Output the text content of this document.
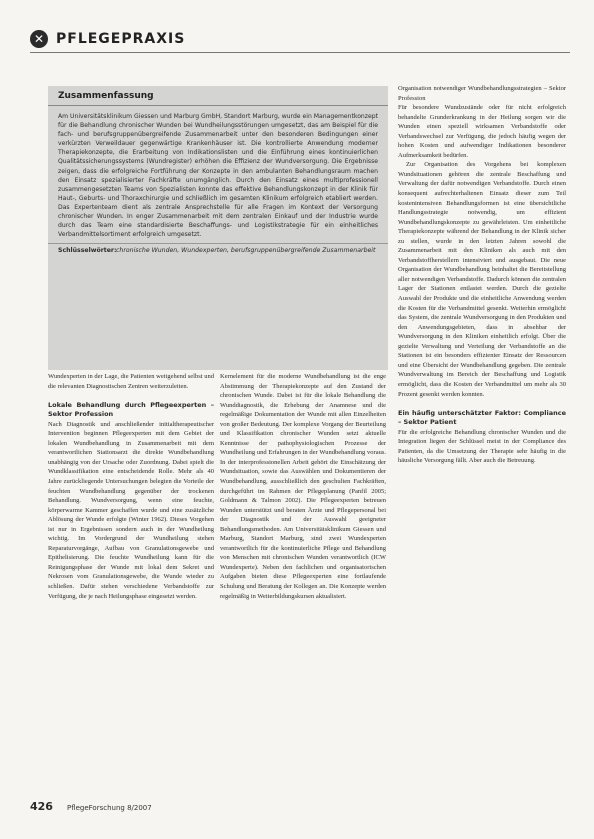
✕ PFLEGEPRAXIS
Zusammenfassung
Am Universitätsklinikum Giessen und Marburg GmbH, Standort Marburg, wurde ein Managementkonzept für die Behandlung chronischer Wunden bei Wundheilungsstörungen umgesetzt, das am Beispiel für die fach- und berufsgruppenübergreifende Zusammenarbeit unter den besonderen Bedingungen einer verkürzten Verweildauer gegenwärtige Krankenhäuser ist. Die kontrollierte Anwendung moderner Therapiekonzepte, die Erarbeitung von Indikationslisten und die Einführung eines kontinuierlichen Qualitätssicherungssystems (Wundregister) erhöhen die Effizienz der Wundversorgung. Die Ergebnisse zeigen, dass die erfolgreiche Fortführung der Konzepte in den ambulanten Behandlungsraum machen den Einsatz spezialisierter Fachkräfte unumgänglich. Durch den Einsatz eines multiprofessionell zusammengesetzten Teams von Spezialisten konnte das effektive Behandlungskonzept in der Klinik für Haut-, Geburts- und Thoraxchirurgie und schließlich im gesamten Klinikum erfolgreich etabliert werden. Das Expertenteam dient als zentrale Ansprechstelle für alle Fragen im Kontext der Versorgung chronischer Wunden. In enger Zusammenarbeit mit dem zentralen Einkauf und der Industrie wurde durch das Team eine standardisierte Beschaffungs- und Logistikstrategie für ein einheitliches Verbandmittelsortiment erfolgreich umgesetzt.
Schlüsselwörter: chronische Wunden, Wundexperten, berufsgruppenübergreifende Zusammenarbeit

Wundexperten in der Lage, die Patienten weitgehend selbst und die relevanten Diagnostischen Zentren weiterzuleiten.

Lokale Behandlung durch Pflegeexperten – Sektor Profession

Nach Diagnostik und anschließender initialtherapeutischer Intervention beginnen Pflegeexperten mit dem Gebiet der lokalen Wundbehandlung in Zusammenarbeit mit dem verantwortlichen Stationsarzt die direkte Wundbehandlung unabhängig von der Ursache oder Zuordnung. Dabei spielt die Wundklassifikation eine entscheidende Rolle. Mehr als 40 Jahre zurückliegende Untersuchungen belegten die Vorteile der feuchten Wundbehandlung gegenüber der trockenen Behandlung. Wundversorgung, wenn eine feuchte, körperwarme Kammer geschaffen wurde und eine zusätzliche Ablösung der Wunde erfolgte (Winter 1962). Dieses Vorgehen ist nur in Ergebnissen sondern auch in der Wundheilung wichtig. Im Vordergrund der Wundheilung stehen Reparaturvorgänge, Aufbau von Granulationsgewebe und Epithelisierung. Die feuchte Wundheilung kann für die Reinigungsphase der Wunde mit lokal dem Sekret und Nekrosen vom Granulationsgewebe, die Wunde wieder zu schließen. Dafür stehen verschiedene Verbandstoffe zur Verfügung, die je nach Heilungsphase eingesetzt werden.

Kernelement für die moderne Wundbehandlung ist die enge Abstimmung der Therapiekonzepte auf den Zustand der chronischen Wunde. Dabei ist für die lokale Behandlung die Wunddiagnostik, die Erhebung der Anamnese und die regelmäßige Dokumentation der Wunde mit allen Einzelheiten von großer Bedeutung. Der komplexe Vorgang der Beurteilung und Klassifikation chronischer Wunden setzt aktuelle Kenntnisse der pathophysiologischen Prozesse der Wundheilung und Erfahrungen in der Wundbehandlung voraus. In der interprofessionellen Arbeit gehört die Einschätzung der Wundsituation, sowie das Auswählen und Dokumentieren der Wundbehandlung, ausschließlich den geschulten Fachkräften, durchgeführt im Rahmen der Pflegeplanung (Panfil 2005; Goldmann & Talmon 2002). Die Pflegeexperten betreuen Wunden unterstützt und beraten Ärzte und Pflegepersonal bei der Diagnostik und der Auswahl geeigneter Behandlungsmethoden. Am Universitätsklinikum Giessen und Marburg, Standort Marburg, sind zwei Wundexperten verantwortlich für die kontinuierliche Pflege und Behandlung von Menschen mit chronischen Wunden verantwortlich (ICW Wundexperte). Neben den fachlichen und organisatorischen Aufgaben bieten diese Pflegeexperten eine fortlaufende Schulung und Beratung der Kollegen an. Die Konzepte werden regelmäßig in Weiterbildungskursen aktualisiert.

Organisation notwendiger Wundbehandlungsstrategien – Sektor Profession

Für besondere Wundzustände oder für nicht erfolgreich behandelte Grunderkrankung in der Heilung sorgen wir die Wunden einen speziell wirksamen Verbandstoffe oder Verbandswechsel zur Verfügung, die jedoch häufig wegen der hohen Kosten und aufwendiger Indikationen besonderer Aufmerksamkeit bedürfen.

Zur Organisation des Vorgehens bei komplexen Wundsituationen gehören die zentrale Beschaffung und Verwaltung der dafür notwendigen Verbandstoffe. Durch einen konsequent aufrechterhaltenen Einsatz dieser zum Teil kostenintensiven Behandlungsformen ist eine übersichtliche Handlungsstrategie notwendig, um effizient Wundbehandlungskonzepte zu gewährleisten. Um einheitliche Therapiekonzepte während der Behandlung in der Klinik sicher zu stellen, wurde in den letzten Jahren sowohl die Zusammenarbeit mit den Kliniken als auch mit den Verbandstoffherstellern intensiviert und ausgebaut. Die neue Organisation der Wundbehandlung beinhaltet die Bereitstellung aller notwendigen Verbandstoffe. Dadurch können die zentralen Lager der Stationen entlastet werden. Durch die gezielte Auswahl der Produkte und die einheitliche Anwendung werden die Kosten für die Verbandmittel gesenkt. Weiterhin ermöglicht das System, die zentrale Wundversorgung in den Produkten und den Anwendungsgebieten, dass in absehbar der Wundversorgung in den Kliniken einheitlich erfolgt. Über die gezielte Verwaltung und Verteilung der Verbandstoffe an die Stationen ist ein besonders effizienter Einsatz der Ressourcen und eine Übersicht der Wundbehandlung gegeben. Die zentrale Wundverwaltung im Bereich der Beschaffung und Logistik ermöglicht, dass die Kosten der Verbandmittel um mehr als 30 Prozent gesenkt werden konnten.

Ein häufig unterschätzter Faktor: Compliance – Sektor Patient

Für die erfolgreiche Behandlung chronischer Wunden und die Integration liegen der Schlüssel meist in der Compliance des Patienten, da die Umsetzung der Therapie sehr häufig in die häusliche Versorgung fällt. Aber auch die Betreuung.

426 PflegeForschung 8/2007
